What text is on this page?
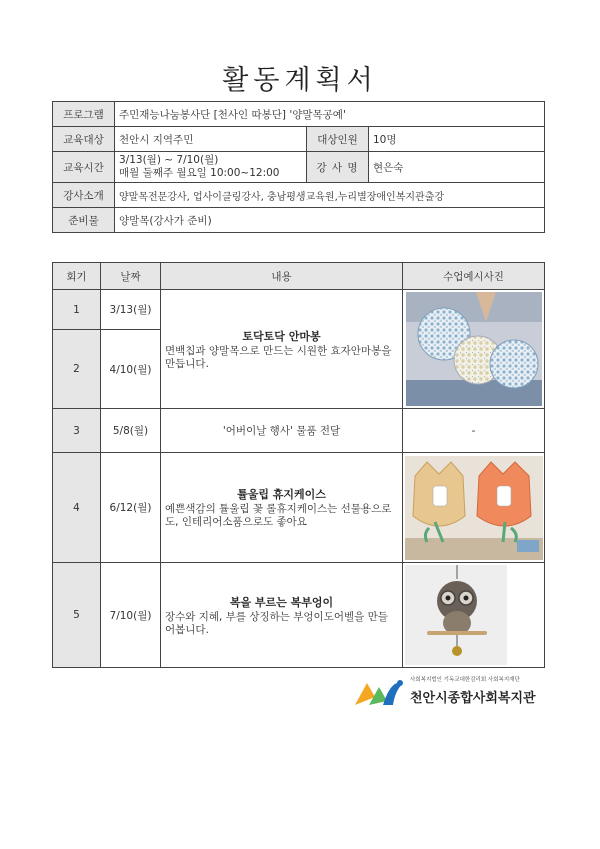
활동계획서
프로그램	주민재능나눔봉사단 [천사인 따봉단] '양말목공예'		
교육대상	천안시 지역주민	대상인원	10명
교육시간	3/13(월) ~ 7/10(월)
매월 둘째주 월요일 10:00~12:00	강 사 명	현은숙
강사소개	양말목전문강사, 업사이클링강사, 충남평생교육원,누리별장애인복지관출강		
준비물	양말목(강사가 준비)		
회기	날짜	내용	수업예시사진
1	3/13(월)	토닥토닥 안마봉
면백칩과 양말목으로 만드는 시원한 효자안마봉을 만듭니다.

2	4/10(월)		
3	5/8(월)	'어버이날 행사' 물품 전달	-
4	6/12(월)	튤울립 휴지케이스
예쁜색감의 튤울립 꽃 롤휴지케이스는 선물용으로도, 인테리어소품으로도 좋아요

5	7/10(월)	복을 부르는 복부엉이
장수와 지혜, 부를 상징하는 부엉이도어벨을 만들어봅니다.

사회복지법인 기독교대한감리회 사회복지재단
천안시종합사회복지관
